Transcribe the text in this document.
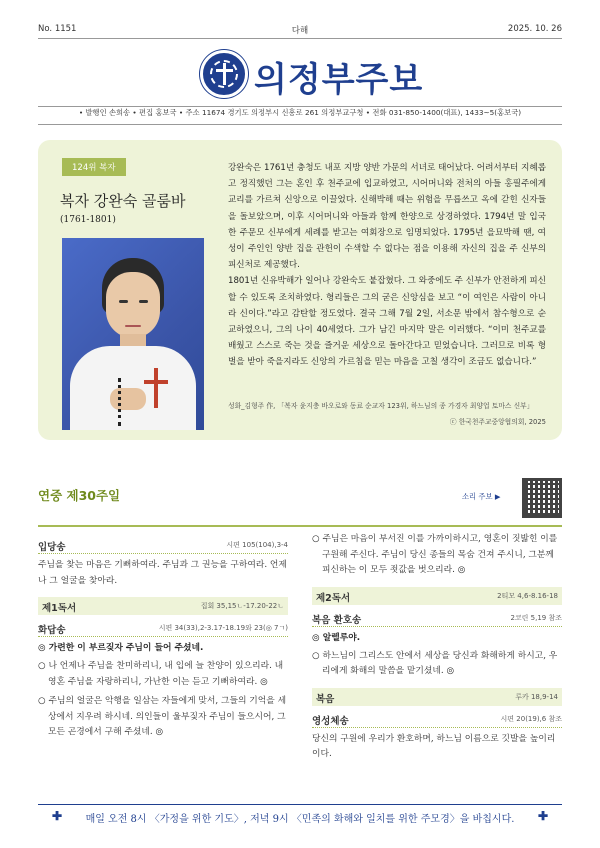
No. 1151	다해	2025. 10. 26
의정부주보
• 발행인 손희송 • 편집 홍보국 • 주소 11674 경기도 의정부시 신흥로 261 의정부교구청 • 전화 031-850-1400(대표), 1433~5(홍보국)
124위 복자
복자 강완숙 골룸바
(1761-1801)

강완숙은 1761년 충청도 내포 지방 양반 가문의 서녀로 태어났다. 어려서부터 지혜롭고 정직했던 그는 혼인 후 천주교에 입교하였고, 시어머니와 전처의 아들 홍필주에게 교리를 가르쳐 신앙으로 이끌었다. 신해박해 때는 위험을 무릅쓰고 옥에 갇힌 신자들을 돌보았으며, 이후 시어머니와 아들과 함께 한양으로 상경하였다. 1794년 말 입국한 주문모 신부에게 세례를 받고는 여회장으로 임명되었다. 1795년 을묘박해 땐, 여성이 주인인 양반 집을 관헌이 수색할 수 없다는 점을 이용해 자신의 집을 주 신부의 피신처로 제공했다.

1801년 신유박해가 일어나 강완숙도 붙잡혔다. 그 와중에도 주 신부가 안전하게 피신할 수 있도록 조치하였다. 형리들은 그의 굳은 신앙심을 보고 “이 여인은 사람이 아니라 신이다.”라고 감탄할 정도였다. 결국 그해 7월 2일, 서소문 밖에서 참수형으로 순교하였으니, 그의 나이 40세였다. 그가 남긴 마지막 말은 이러했다. “이미 천주교를 배웠고 스스로 죽는 것을 즐거운 세상으로 돌아간다고 믿었습니다. 그러므로 비록 형벌을 받아 죽을지라도 신앙의 가르침을 믿는 마음을 고칠 생각이 조금도 없습니다.”

성화_김형주 作, 「복자 윤지충 바오로와 동료 순교자 123위, 하느님의 종 가경자 최양업 토마스 신부」
ⓒ 한국천주교중앙협의회, 2025
연중 제30주일	소리 주보 ▶
입당송	시편 105(104),3-4
주님을 찾는 마음은 기뻐하여라. 주님과 그 권능을 구하여라. 언제나 그 얼굴을 찾아라.
제1독서	집회 35,15ㄴ-17.20-22ㄴ
화답송	시편 34(33),2-3.17-18.19와 23(◎ 7ㄱ)
◎ 가련한 이 부르짖자 주님이 들어 주셨네.
○ 나 언제나 주님을 찬미하리니, 내 입에 늘 찬양이 있으리라. 내 영혼 주님을 자랑하리니, 가난한 이는 듣고 기뻐하여라. ◎
○ 주님의 얼굴은 악행을 일삼는 자들에게 맞서, 그들의 기억을 세상에서 지우려 하시네. 의인들이 울부짖자 주님이 들으시어, 그 모든 곤경에서 구해 주셨네. ◎
○ 주님은 마음이 부서진 이를 가까이하시고, 영혼이 짓밟힌 이를 구원해 주신다. 주님이 당신 종들의 목숨 건져 주시니, 그분께 피신하는 이 모두 죗값을 벗으리라. ◎
제2독서	2티모 4,6-8.16-18
복음 환호송	2코린 5,19 참조
◎ 알렐루야.
○ 하느님이 그리스도 안에서 세상을 당신과 화해하게 하시고, 우리에게 화해의 말씀을 맡기셨네. ◎
복음	루카 18,9-14
영성체송	시편 20(19),6 참조
당신의 구원에 우리가 환호하며, 하느님 이름으로 깃발을 높이리이다.
✚ 매일 오전 8시 〈가정을 위한 기도〉, 저녁 9시 〈민족의 화해와 일치를 위한 주모경〉을 바칩시다. ✚
